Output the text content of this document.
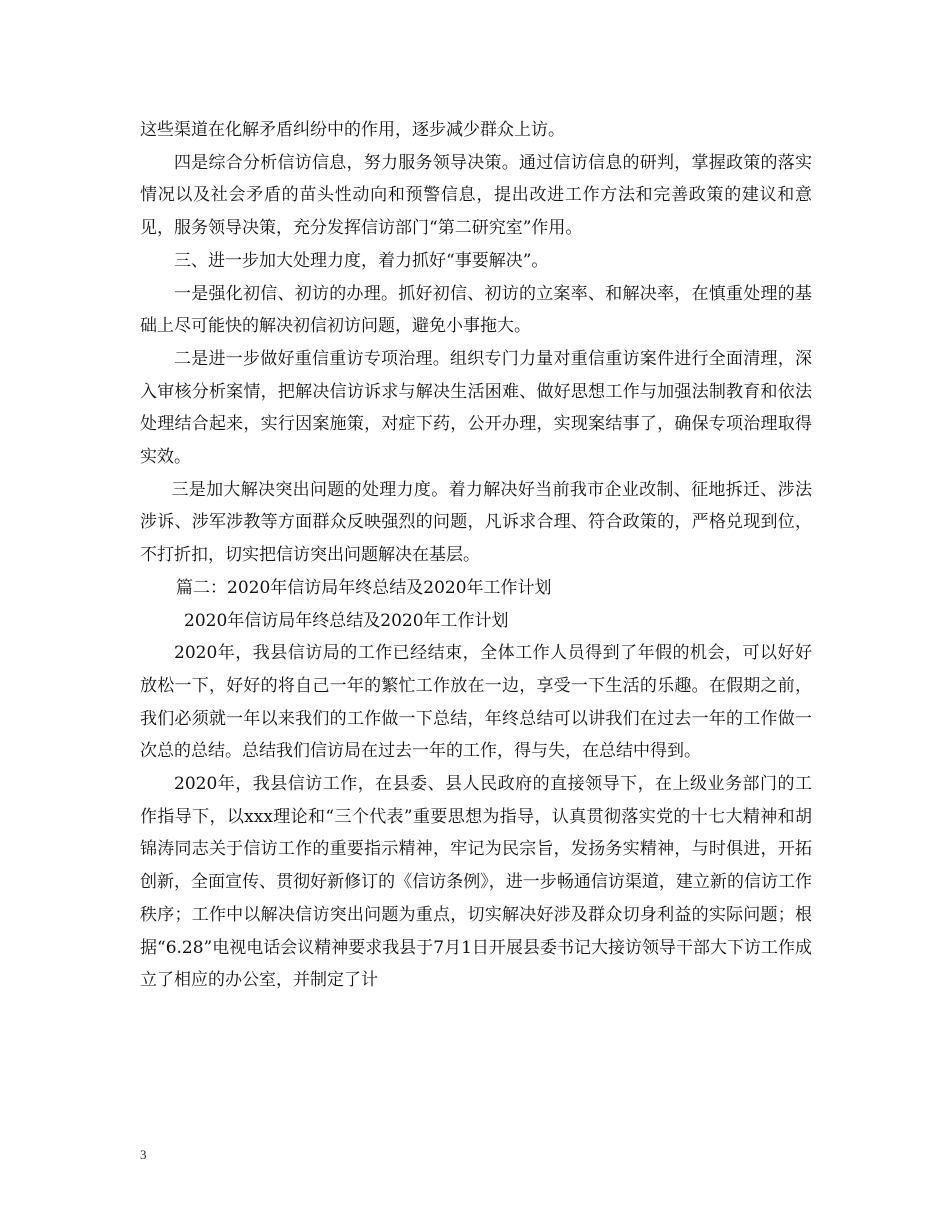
这些渠道在化解矛盾纠纷中的作用，逐步减少群众上访。

四是综合分析信访信息，努力服务领导决策。通过信访信息的研判，掌握政策的落实情况以及社会矛盾的苗头性动向和预警信息，提出改进工作方法和完善政策的建议和意见，服务领导决策，充分发挥信访部门“第二研究室”作用。

三、进一步加大处理力度，着力抓好“事要解决”。

一是强化初信、初访的办理。抓好初信、初访的立案率、和解决率，在慎重处理的基础上尽可能快的解决初信初访问题，避免小事拖大。

二是进一步做好重信重访专项治理。组织专门力量对重信重访案件进行全面清理，深入审核分析案情，把解决信访诉求与解决生活困难、做好思想工作与加强法制教育和依法处理结合起来，实行因案施策，对症下药，公开办理，实现案结事了，确保专项治理取得实效。

三是加大解决突出问题的处理力度。着力解决好当前我市企业改制、征地拆迁、涉法涉诉、涉军涉教等方面群众反映强烈的问题，凡诉求合理、符合政策的，严格兑现到位，不打折扣，切实把信访突出问题解决在基层。

篇二：2020年信访局年终总结及2020年工作计划

2020年信访局年终总结及2020年工作计划

2020年，我县信访局的工作已经结束，全体工作人员得到了年假的机会，可以好好放松一下，好好的将自己一年的繁忙工作放在一边，享受一下生活的乐趣。在假期之前，我们必须就一年以来我们的工作做一下总结，年终总结可以讲我们在过去一年的工作做一次总的总结。总结我们信访局在过去一年的工作，得与失，在总结中得到。

2020年，我县信访工作，在县委、县人民政府的直接领导下，在上级业务部门的工作指导下，以xxx理论和“三个代表”重要思想为指导，认真贯彻落实党的十七大精神和胡锦涛同志关于信访工作的重要指示精神，牢记为民宗旨，发扬务实精神，与时俱进，开拓创新，全面宣传、贯彻好新修订的《信访条例》，进一步畅通信访渠道，建立新的信访工作秩序；工作中以解决信访突出问题为重点，切实解决好涉及群众切身利益的实际问题；根据“6.28”电视电话会议精神要求我县于7月1日开展县委书记大接访领导干部大下访工作成立了相应的办公室，并制定了计

3
